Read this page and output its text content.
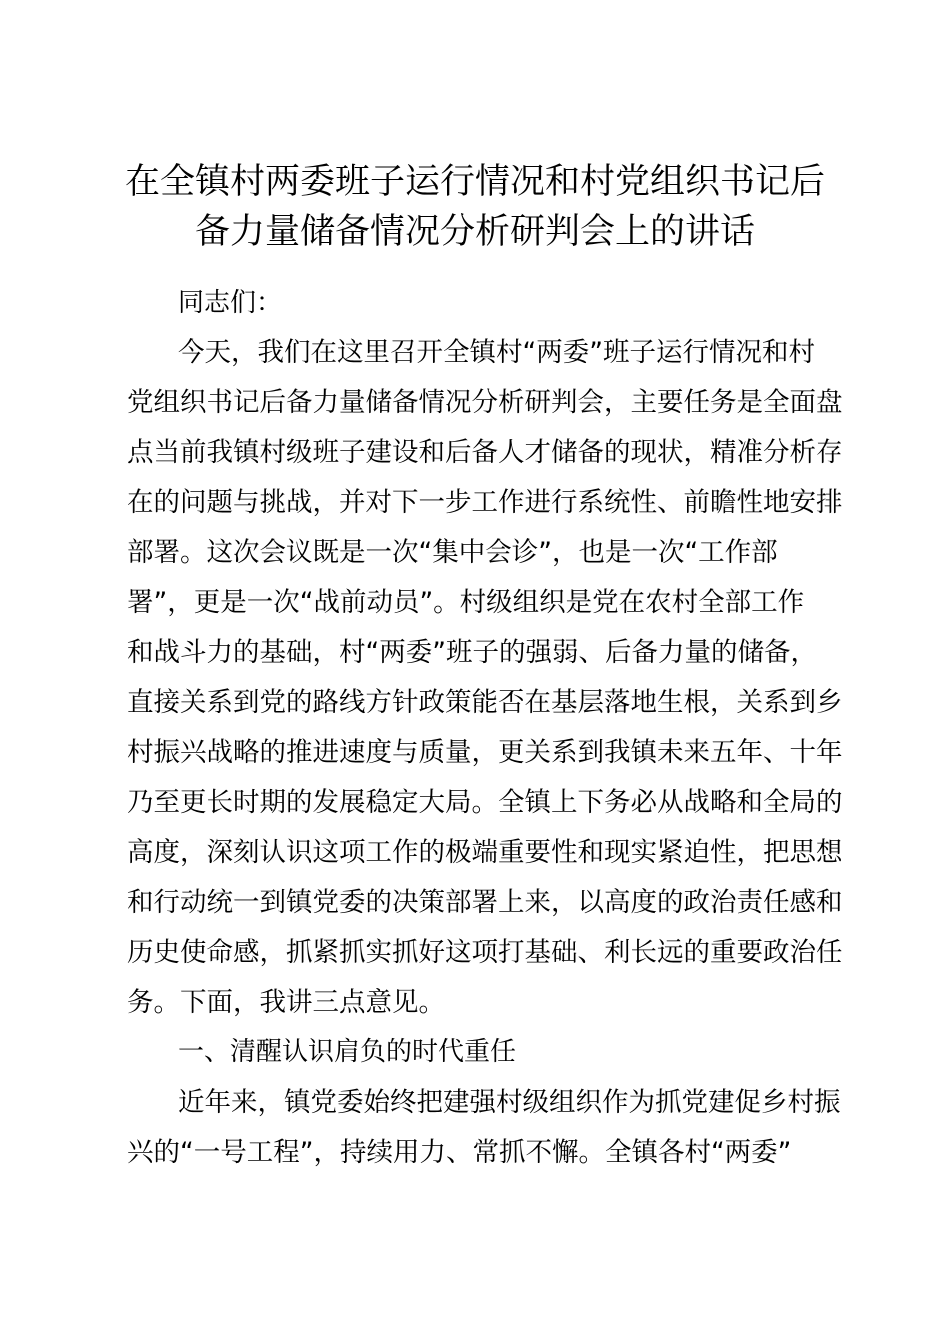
在全镇村两委班子运行情况和村党组织书记后
备力量储备情况分析研判会上的讲话

同志们：

今天，我们在这里召开全镇村“两委”班子运行情况和村

党组织书记后备力量储备情况分析研判会，主要任务是全面盘

点当前我镇村级班子建设和后备人才储备的现状，精准分析存

在的问题与挑战，并对下一步工作进行系统性、前瞻性地安排

部署。这次会议既是一次“集中会诊”，也是一次“工作部

署”，更是一次“战前动员”。村级组织是党在农村全部工作

和战斗力的基础，村“两委”班子的强弱、后备力量的储备，

直接关系到党的路线方针政策能否在基层落地生根，关系到乡

村振兴战略的推进速度与质量，更关系到我镇未来五年、十年

乃至更长时期的发展稳定大局。全镇上下务必从战略和全局的

高度，深刻认识这项工作的极端重要性和现实紧迫性，把思想

和行动统一到镇党委的决策部署上来，以高度的政治责任感和

历史使命感，抓紧抓实抓好这项打基础、利长远的重要政治任

务。下面，我讲三点意见。

一、清醒认识肩负的时代重任

近年来，镇党委始终把建强村级组织作为抓党建促乡村振

兴的“一号工程”，持续用力、常抓不懈。全镇各村“两委”
